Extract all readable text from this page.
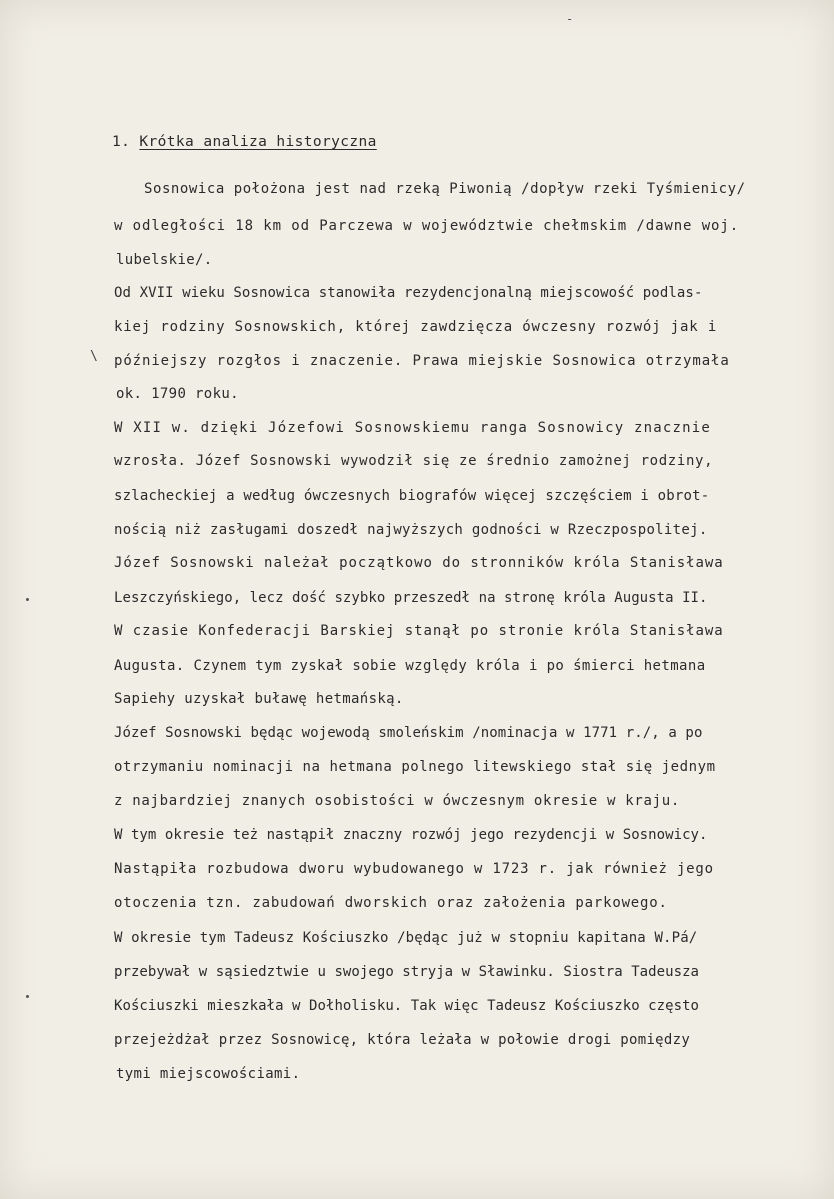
-
1. Krótka analiza historyczna
\
Sosnowica położona jest nad rzeką Piwonią /dopływ rzeki Tyśmienicy/
w odległości 18 km od Parczewa w województwie chełmskim /dawne woj.
lubelskie/.
Od XVII wieku Sosnowica stanowiła rezydencjonalną miejscowość podlas-
kiej rodziny Sosnowskich, której zawdzięcza ówczesny rozwój jak i
późniejszy rozgłos i znaczenie. Prawa miejskie Sosnowica otrzymała
ok. 1790 roku.
W XII w. dzięki Józefowi Sosnowskiemu ranga Sosnowicy znacznie
wzrosła. Józef Sosnowski wywodził się ze średnio zamożnej rodziny,
szlacheckiej a według ówczesnych biografów więcej szczęściem i obrot-
nością niż zasługami doszedł najwyższych godności w Rzeczpospolitej.
Józef Sosnowski należał początkowo do stronników króla Stanisława
Leszczyńskiego, lecz dość szybko przeszedł na stronę króla Augusta II.
W czasie Konfederacji Barskiej stanął po stronie króla Stanisława
Augusta. Czynem tym zyskał sobie względy króla i po śmierci hetmana
Sapiehy uzyskał buławę hetmańską.
Józef Sosnowski będąc wojewodą smoleńskim /nominacja w 1771 r./, a po
otrzymaniu nominacji na hetmana polnego litewskiego stał się jednym
z najbardziej znanych osobistości w ówczesnym okresie w kraju.
W tym okresie też nastąpił znaczny rozwój jego rezydencji w Sosnowicy.
Nastąpiła rozbudowa dworu wybudowanego w 1723 r. jak również jego
otoczenia tzn. zabudowań dworskich oraz założenia parkowego.
W okresie tym Tadeusz Kościuszko /będąc już w stopniu kapitana W.Pá/
przebywał w sąsiedztwie u swojego stryja w Sławinku. Siostra Tadeusza
Kościuszki mieszkała w Dołholisku. Tak więc Tadeusz Kościuszko często
przejeżdżał przez Sosnowicę, która leżała w połowie drogi pomiędzy
tymi miejscowościami.
